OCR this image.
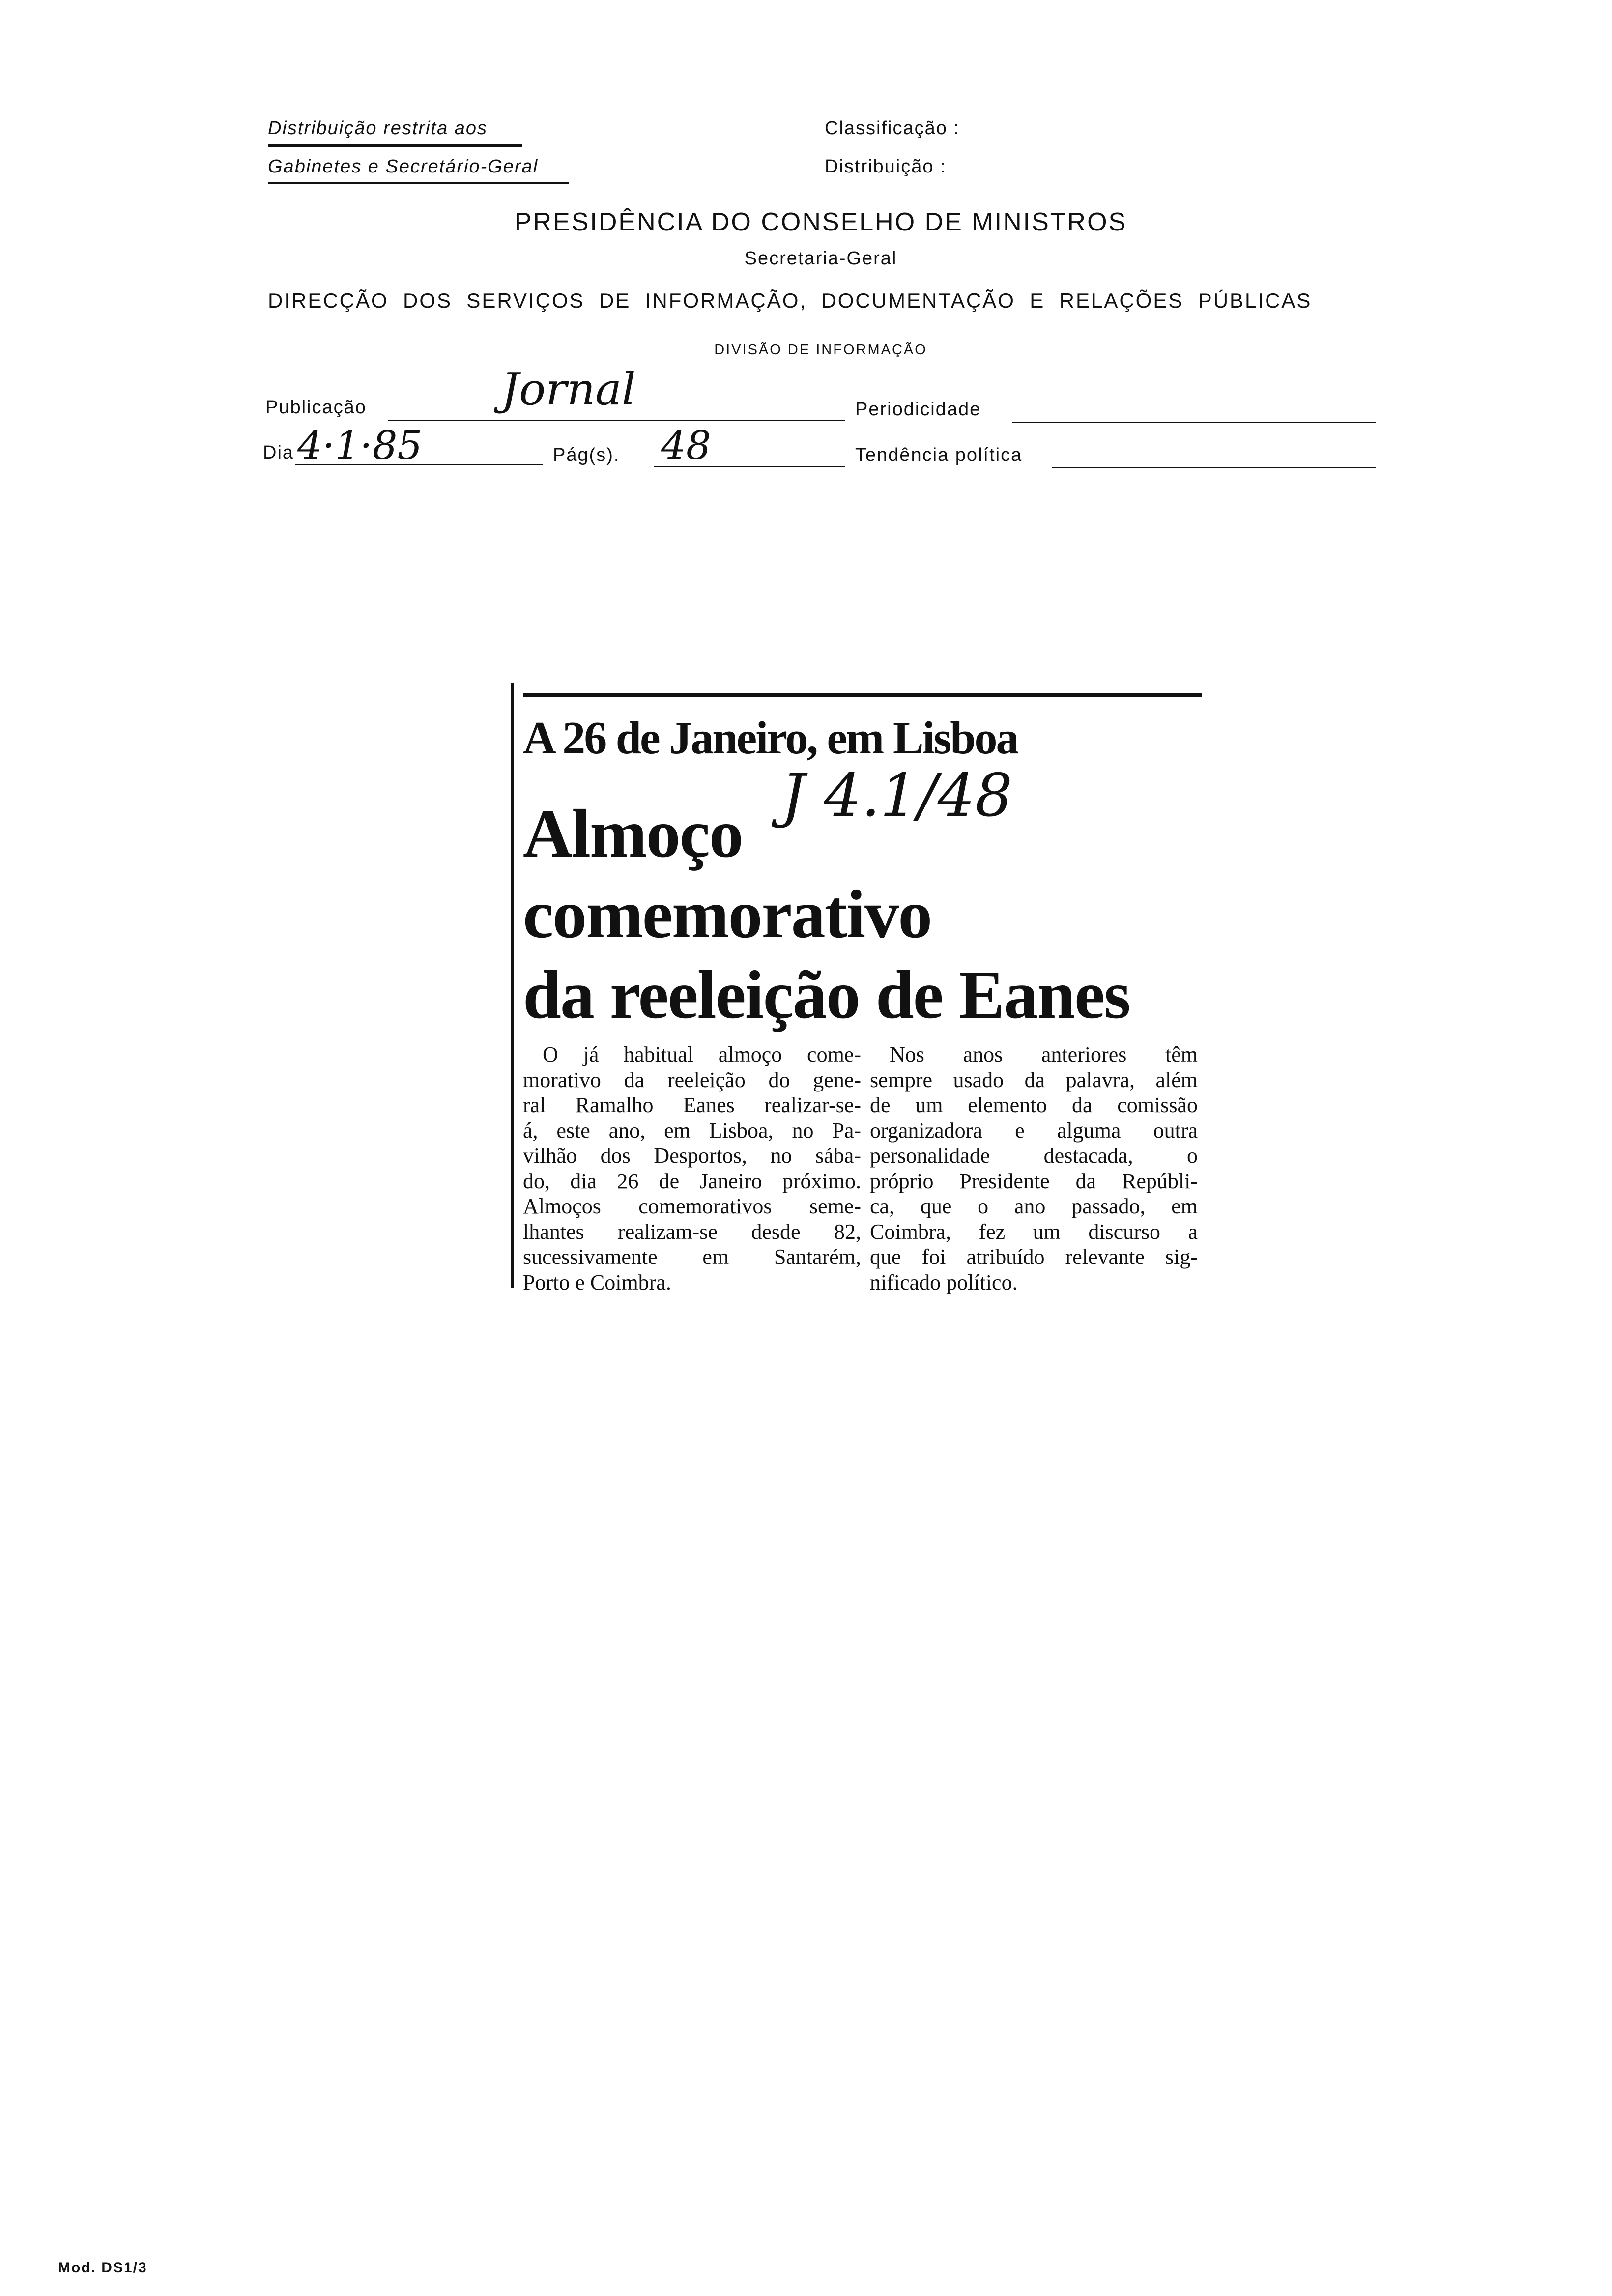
Distribuição restrita aos
Gabinetes e Secretário-Geral
Classificação :
Distribuição :
PRESIDÊNCIA DO CONSELHO DE MINISTROS
Secretaria-Geral
DIRECÇÃO  DOS  SERVIÇOS  DE  INFORMAÇÃO,  DOCUMENTAÇÃO  E  RELAÇÕES  PÚBLICAS
DIVISÃO DE INFORMAÇÃO
Publicação	Jornal	Periodicidade
Dia 4·1·85	Pág(s). 48	Tendência política
A 26 de Janeiro, em Lisboa
Almoço
comemorativo
da reeleição de Eanes
J 4.1/48
O já habitual almoço come-
morativo da reeleição do gene-
ral Ramalho Eanes realizar-se-
á, este ano, em Lisboa, no Pa-
vilhão dos Desportos, no sába-
do, dia 26 de Janeiro próximo.
Almoços comemorativos seme-
lhantes realizam-se desde 82,
sucessivamente em Santarém,
Porto e Coimbra.
Nos anos anteriores têm
sempre usado da palavra, além
de um elemento da comissão
organizadora e alguma outra
personalidade destacada, o
próprio Presidente da Repúbli-
ca, que o ano passado, em
Coimbra, fez um discurso a
que foi atribuído relevante sig-
nificado político.
Mod. DS1/3
